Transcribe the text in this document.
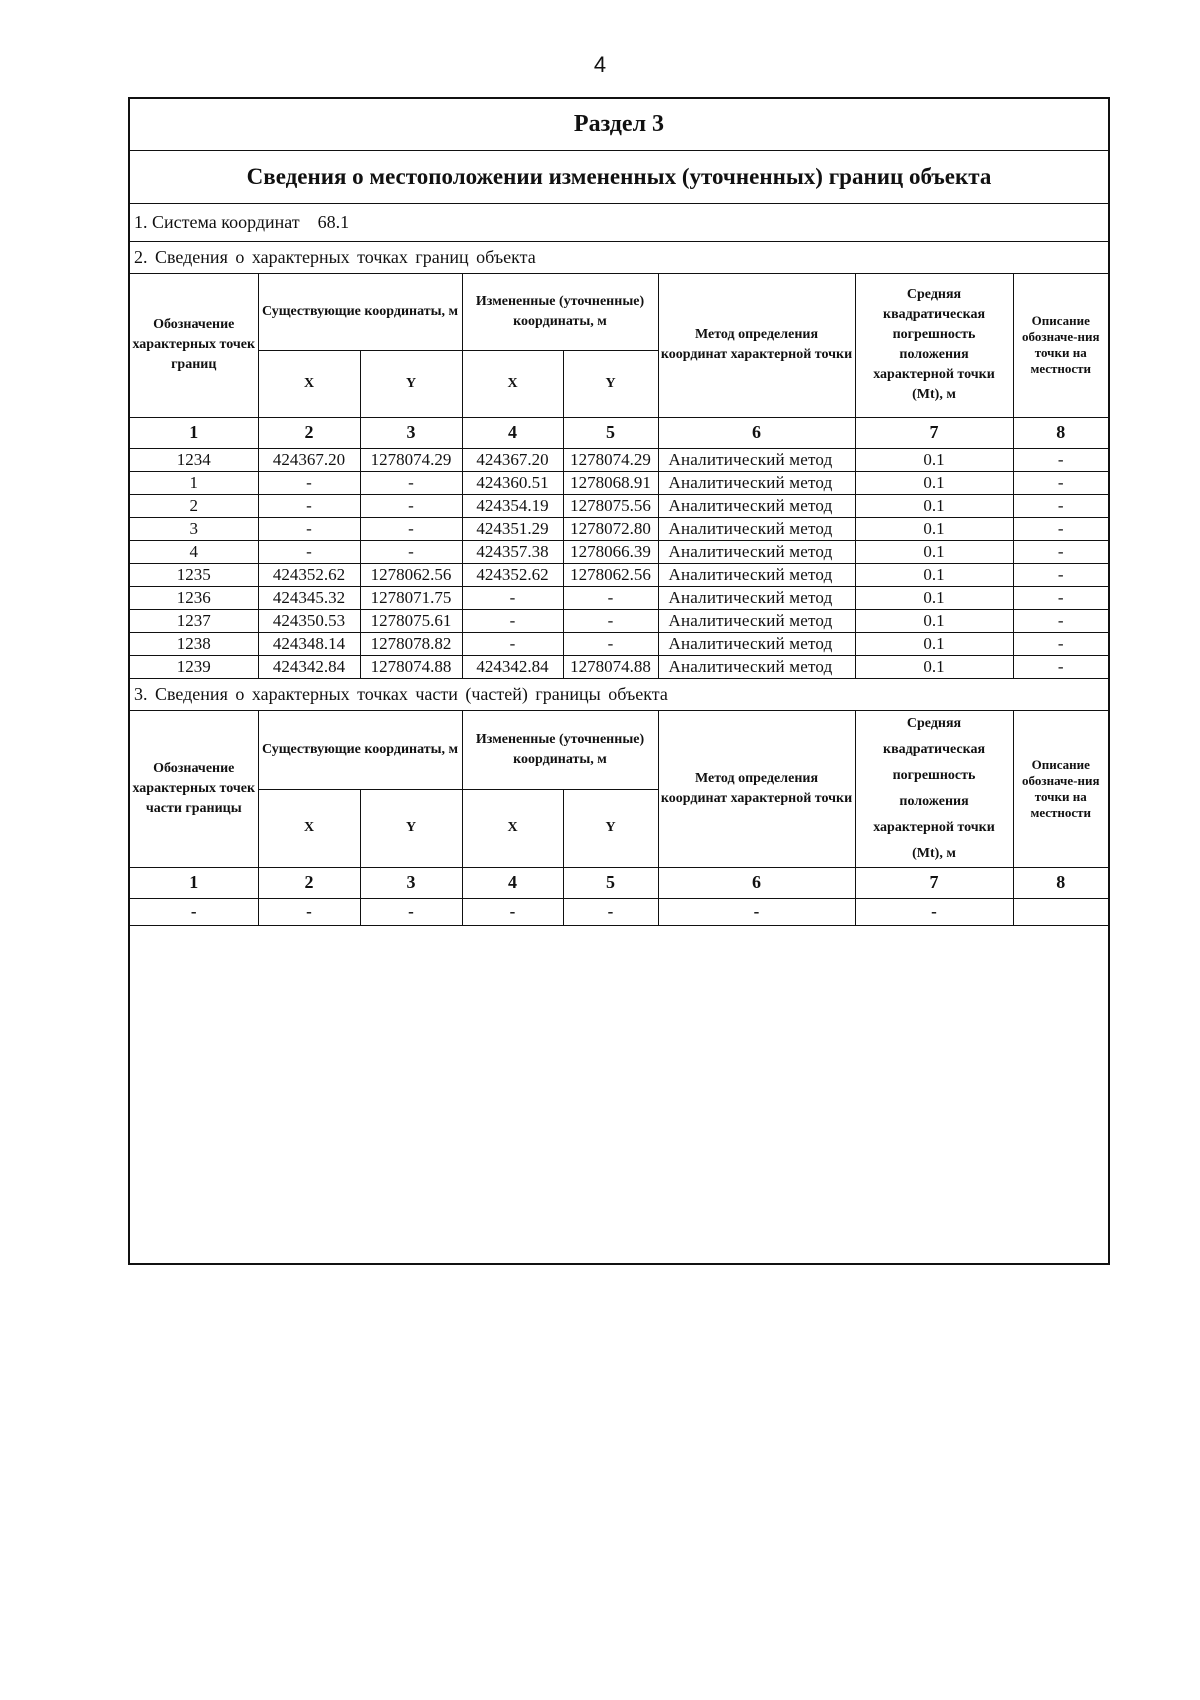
4
Раздел 3
Сведения о местоположении измененных (уточненных) границ объекта
1. Система координат 68.1
2. Сведения о характерных точках границ объекта
Обозначение характерных точек границ	Существующие координаты, м		Измененные (уточненные) координаты, м		Метод определения координат характерной точки	Средняя квадратическая погрешность положения характерной точки (Mt), м	Описание обозначе-ния точки на местности
	X	Y	X	Y			
1	2	3	4	5	6	7	8
1234	424367.20	1278074.29	424367.20	1278074.29	Аналитический метод	0.1	-
1	-	-	424360.51	1278068.91	Аналитический метод	0.1	-
2	-	-	424354.19	1278075.56	Аналитический метод	0.1	-
3	-	-	424351.29	1278072.80	Аналитический метод	0.1	-
4	-	-	424357.38	1278066.39	Аналитический метод	0.1	-
1235	424352.62	1278062.56	424352.62	1278062.56	Аналитический метод	0.1	-
1236	424345.32	1278071.75	-	-	Аналитический метод	0.1	-
1237	424350.53	1278075.61	-	-	Аналитический метод	0.1	-
1238	424348.14	1278078.82	-	-	Аналитический метод	0.1	-
1239	424342.84	1278074.88	424342.84	1278074.88	Аналитический метод	0.1	-
3. Сведения о характерных точках части (частей) границы объекта
Обозначение характерных точек части границы	Существующие координаты, м		Измененные (уточненные) координаты, м		Метод определения координат характерной точки	Средняя квадратическая погрешность положения характерной точки (Mt), м	Описание обозначе-ния точки на местности
	X	Y	X	Y			
1	2	3	4	5	6	7	8
-	-	-	-	-	-	-	
